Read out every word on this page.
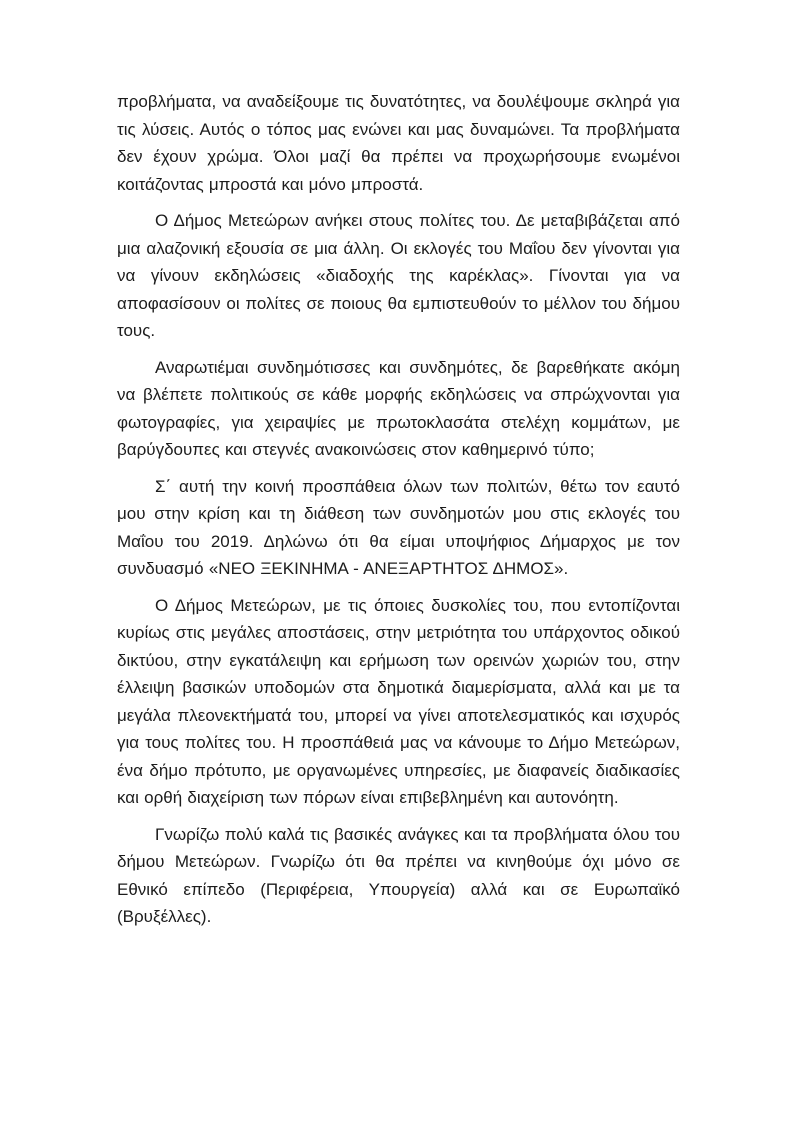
προβλήματα, να αναδείξουμε τις δυνατότητες, να δουλέψουμε σκληρά για τις λύσεις. Αυτός ο τόπος μας ενώνει και μας δυναμώνει. Τα προβλήματα δεν έχουν χρώμα. Όλοι μαζί θα πρέπει να προχωρήσουμε ενωμένοι κοιτάζοντας μπροστά και μόνο μπροστά.

Ο Δήμος Μετεώρων ανήκει στους πολίτες του. Δε μεταβιβάζεται από μια αλαζονική εξουσία σε μια άλλη. Οι εκλογές του Μαΐου δεν γίνονται για να γίνουν εκδηλώσεις «διαδοχής της καρέκλας». Γίνονται για να αποφασίσουν οι πολίτες σε ποιους θα εμπιστευθούν το μέλλον του δήμου τους.

Αναρωτιέμαι συνδημότισσες και συνδημότες, δε βαρεθήκατε ακόμη να βλέπετε πολιτικούς σε κάθε μορφής εκδηλώσεις να σπρώχνονται για φωτογραφίες, για χειραψίες με πρωτοκλασάτα στελέχη κομμάτων, με βαρύγδουπες και στεγνές ανακοινώσεις στον καθημερινό τύπο;

Σ΄ αυτή την κοινή προσπάθεια όλων των πολιτών, θέτω τον εαυτό μου στην κρίση και τη διάθεση των συνδημοτών μου στις εκλογές του Μαΐου του 2019. Δηλώνω ότι θα είμαι υποψήφιος Δήμαρχος με τον συνδυασμό «ΝΕΟ ΞΕΚΙΝΗΜΑ - ΑΝΕΞΑΡΤΗΤΟΣ ΔΗΜΟΣ».

Ο Δήμος Μετεώρων, με τις όποιες δυσκολίες του, που εντοπίζονται κυρίως στις μεγάλες αποστάσεις, στην μετριότητα του υπάρχοντος οδικού δικτύου, στην εγκατάλειψη και ερήμωση των ορεινών χωριών του, στην έλλειψη βασικών υποδομών στα δημοτικά διαμερίσματα, αλλά και με τα μεγάλα πλεονεκτήματά του, μπορεί να γίνει αποτελεσματικός και ισχυρός για τους πολίτες του. Η προσπάθειά μας να κάνουμε το Δήμο Μετεώρων, ένα δήμο πρότυπο, με οργανωμένες υπηρεσίες, με διαφανείς διαδικασίες και ορθή διαχείριση των πόρων είναι επιβεβλημένη και αυτονόητη.

Γνωρίζω πολύ καλά τις βασικές ανάγκες και τα προβλήματα όλου του δήμου Μετεώρων. Γνωρίζω ότι θα πρέπει να κινηθούμε όχι μόνο σε Εθνικό επίπεδο (Περιφέρεια, Υπουργεία) αλλά και σε Ευρωπαϊκό (Βρυξέλλες).
